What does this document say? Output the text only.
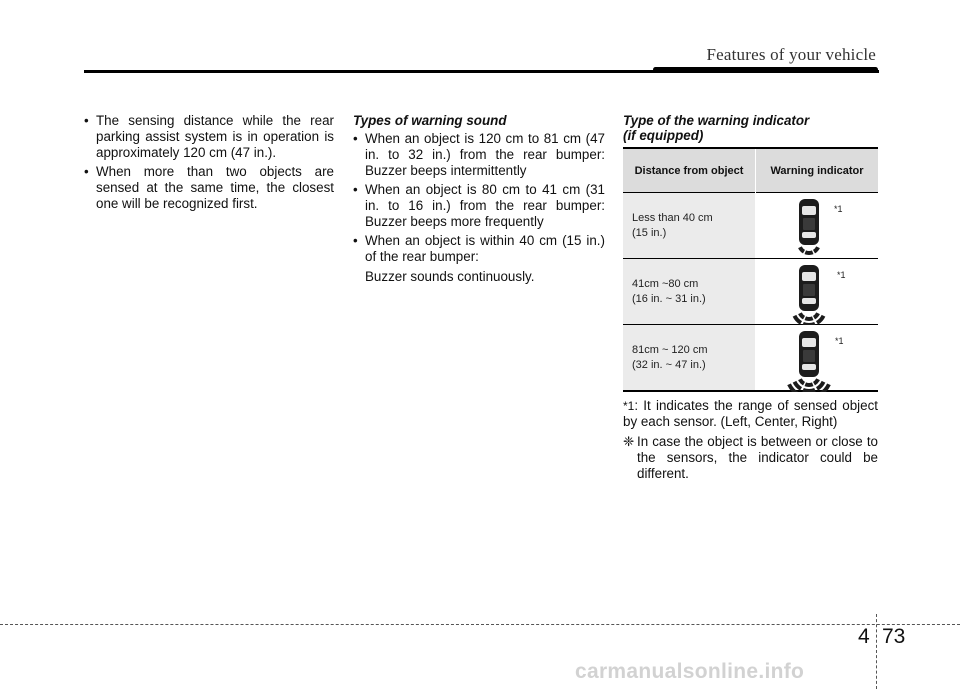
Features of your vehicle
• The sensing distance while the rear parking assist system is in operation is approximately 120 cm (47 in.).
• When more than two objects are sensed at the same time, the closest one will be recognized first.
Types of warning sound
• When an object is 120 cm to 81 cm (47 in. to 32 in.) from the rear bumper: Buzzer beeps intermittently
• When an object is 80 cm to 41 cm (31 in. to 16 in.) from the rear bumper: Buzzer beeps more frequently
• When an object is within 40 cm (15 in.) of the rear bumper:
Buzzer sounds continuously.
Type of the warning indicator
(if equipped)
Distance from object	Warning indicator
Less than 40 cm
(15 in.)
*1
41cm ~80 cm
(16 in. ~ 31 in.)
*1
81cm ~ 120 cm
(32 in. ~ 47 in.)
*1
*1: It indicates the range of sensed object by each sensor. (Left, Center, Right)
❈ In case the object is between or close to the sensors, the indicator could be different.
4 73
carmanualsonline.info
